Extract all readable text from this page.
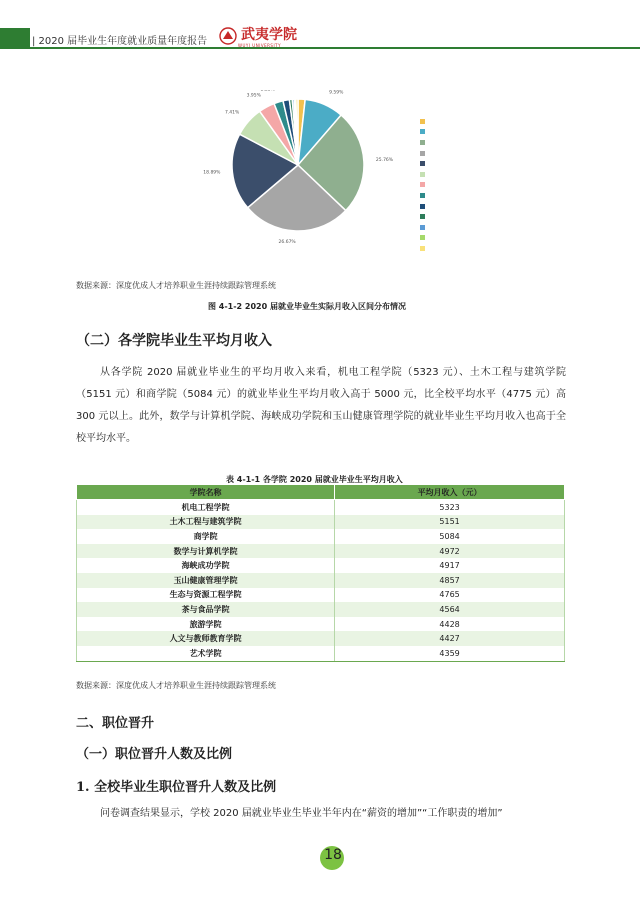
| 2020 届毕业生年度就业质量年度报告 武夷学院
WUYI UNIVERSITY
9.59%
25.76%
26.67%
18.89%
7.41%
3.95%
数据来源：深度优成人才培养职业生涯持续跟踪管理系统
图 4-1-2 2020 届就业毕业生实际月收入区间分布情况
（二）各学院毕业生平均月收入

从各学院 2020 届就业毕业生的平均月收入来看，机电工程学院（5323 元）、土木工程与建筑学院（5151 元）和商学院（5084 元）的就业毕业生平均月收入高于 5000 元，比全校平均水平（4775 元）高 300 元以上。此外，数学与计算机学院、海峡成功学院和玉山健康管理学院的就业毕业生平均月收入也高于全校平均水平。

表 4-1-1 各学院 2020 届就业毕业生平均月收入
学院名称	平均月收入（元）
机电工程学院	5323
土木工程与建筑学院	5151
商学院	5084
数学与计算机学院	4972
海峡成功学院	4917
玉山健康管理学院	4857
生态与资源工程学院	4765
茶与食品学院	4564
旅游学院	4428
人文与教师教育学院	4427
艺术学院	4359
数据来源：深度优成人才培养职业生涯持续跟踪管理系统
二、职位晋升
（一）职位晋升人数及比例
1. 全校毕业生职位晋升人数及比例

问卷调查结果显示，学校 2020 届就业毕业生毕业半年内在“薪资的增加”“工作职责的增加”

18
